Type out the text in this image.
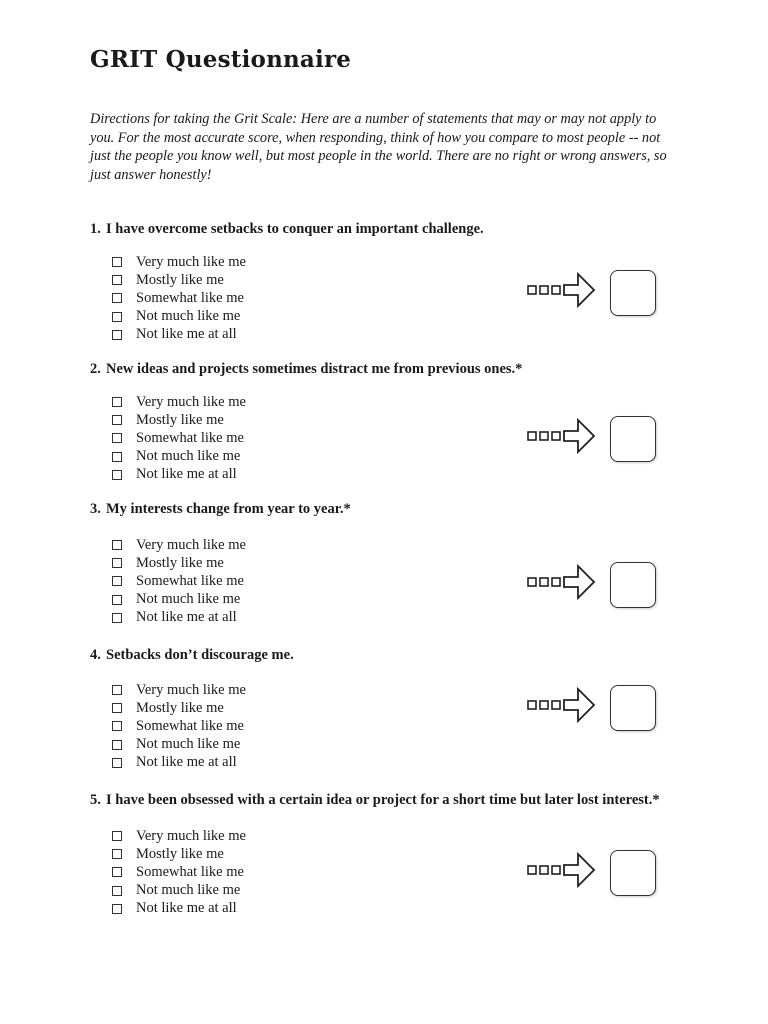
GRIT Questionnaire
Directions for taking the Grit Scale: Here are a number of statements that may or may not apply to you. For the most accurate score, when responding, think of how you compare to most people -- not just the people you know well, but most people in the world. There are no right or wrong answers, so just answer honestly!
1. I have overcome setbacks to conquer an important challenge.
Very much like me
Mostly like me
Somewhat like me
Not much like me
Not like me at all
2. New ideas and projects sometimes distract me from previous ones.*
Very much like me
Mostly like me
Somewhat like me
Not much like me
Not like me at all
3. My interests change from year to year.*
Very much like me
Mostly like me
Somewhat like me
Not much like me
Not like me at all
4. Setbacks don’t discourage me.
Very much like me
Mostly like me
Somewhat like me
Not much like me
Not like me at all
5. I have been obsessed with a certain idea or project for a short time but later lost interest.*
Very much like me
Mostly like me
Somewhat like me
Not much like me
Not like me at all
